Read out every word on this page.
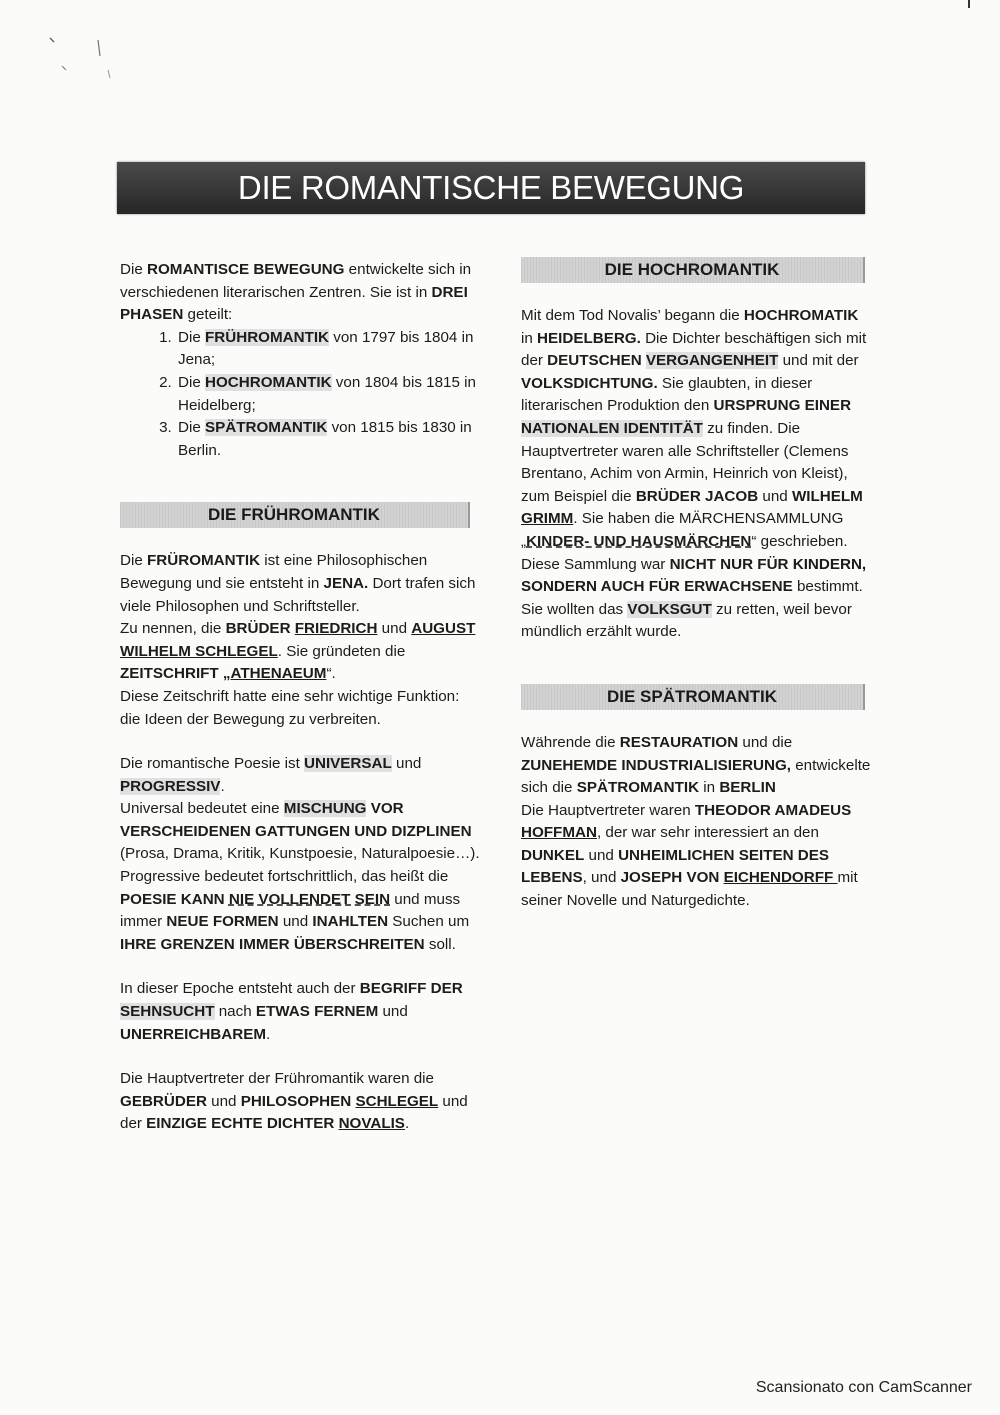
DIE ROMANTISCHE BEWEGUNG

Die ROMANTISCE BEWEGUNG entwickelte sich in verschiedenen literarischen Zentren. Sie ist in DREI PHASEN geteilt:

1. Die FRÜHROMANTIK von 1797 bis 1804 in Jena;
2. Die HOCHROMANTIK von 1804 bis 1815 in Heidelberg;
3. Die SPÄTROMANTIK von 1815 bis 1830 in Berlin.
DIE FRÜHROMANTIK

Die FRÜROMANTIK ist eine Philosophischen Bewegung und sie entsteht in JENA. Dort trafen sich viele Philosophen und Schriftsteller.

Zu nennen, die BRÜDER FRIEDRICH und AUGUST WILHELM SCHLEGEL. Sie gründeten die ZEITSCHRIFT „ATHENAEUM“.

Diese Zeitschrift hatte eine sehr wichtige Funktion: die Ideen der Bewegung zu verbreiten.

Die romantische Poesie ist UNIVERSAL und PROGRESSIV.

Universal bedeutet eine MISCHUNG VOR VERSCHEIDENEN GATTUNGEN UND DIZPLINEN (Prosa, Drama, Kritik, Kunstpoesie, Naturalpoesie…).

Progressive bedeutet fortschrittlich, das heißt die POESIE KANN NIE VOLLENDET SEIN und muss immer NEUE FORMEN und INAHLTEN Suchen um IHRE GRENZEN IMMER ÜBERSCHREITEN soll.

In dieser Epoche entsteht auch der BEGRIFF DER SEHNSUCHT nach ETWAS FERNEM und UNERREICHBAREM.

Die Hauptvertreter der Frühromantik waren die GEBRÜDER und PHILOSOPHEN SCHLEGEL und der EINZIGE ECHTE DICHTER NOVALIS.

DIE HOCHROMANTIK

Mit dem Tod Novalis’ begann die HOCHROMATIK in HEIDELBERG. Die Dichter beschäftigen sich mit der DEUTSCHEN VERGANGENHEIT und mit der VOLKSDICHTUNG. Sie glaubten, in dieser literarischen Produktion den URSPRUNG EINER NATIONALEN IDENTITÄT zu finden. Die Hauptvertreter waren alle Schriftsteller (Clemens Brentano, Achim von Armin, Heinrich von Kleist), zum Beispiel die BRÜDER JACOB und WILHELM GRIMM. Sie haben die MÄRCHENSAMMLUNG „KINDER- UND HAUSMÄRCHEN“ geschrieben. Diese Sammlung war NICHT NUR FÜR KINDERN, SONDERN AUCH FÜR ERWACHSENE bestimmt. Sie wollten das VOLKSGUT zu retten, weil bevor mündlich erzählt wurde.

DIE SPÄTROMANTIK

Währende die RESTAURATION und die ZUNEHEMDE INDUSTRIALISIERUNG, entwickelte sich die SPÄTROMANTIK in BERLIN

Die Hauptvertreter waren THEODOR AMADEUS HOFFMAN, der war sehr interessiert an den DUNKEL und UNHEIMLICHEN SEITEN DES LEBENS, und JOSEPH VON EICHENDORFF mit seiner Novelle und Naturgedichte.

Scansionato con CamScanner
